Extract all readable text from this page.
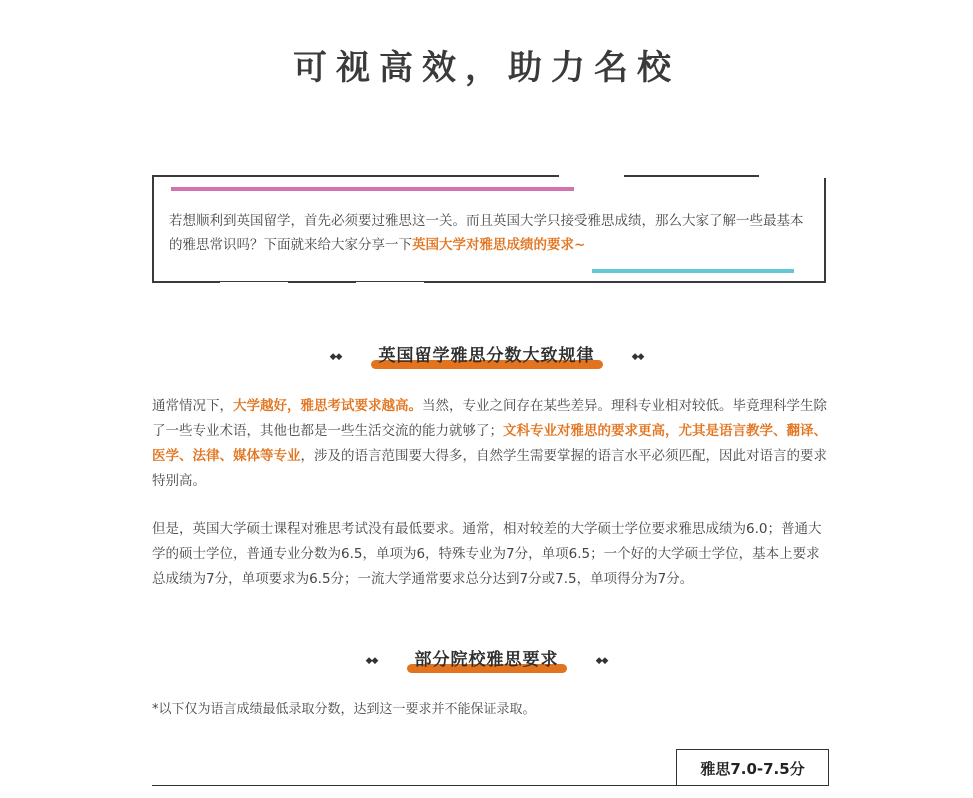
可视高效，助力名校
若想顺利到英国留学，首先必须要过雅思这一关。而且英国大学只接受雅思成绩，那么大家了解一些最基本的雅思常识吗？下面就来给大家分享一下英国大学对雅思成绩的要求~
◆◆ 英国留学雅思分数大致规律	◆◆
通常情况下，大学越好，雅思考试要求越高。当然，专业之间存在某些差异。理科专业相对较低。毕竟理科学生除了一些专业术语，其他也都是一些生活交流的能力就够了；文科专业对雅思的要求更高，尤其是语言教学、翻译、医学、法律、媒体等专业，涉及的语言范围要大得多，自然学生需要掌握的语言水平必须匹配，因此对语言的要求特别高。
但是，英国大学硕士课程对雅思考试没有最低要求。通常，相对较差的大学硕士学位要求雅思成绩为6.0；普通大学的硕士学位，普通专业分数为6.5，单项为6，特殊专业为7分，单项6.5；一个好的大学硕士学位，基本上要求总成绩为7分，单项要求为6.5分；一流大学通常要求总分达到7分或7.5，单项得分为7分。
◆◆ 部分院校雅思要求	◆◆
*以下仅为语言成绩最低录取分数，达到这一要求并不能保证录取。
雅思7.0-7.5分
